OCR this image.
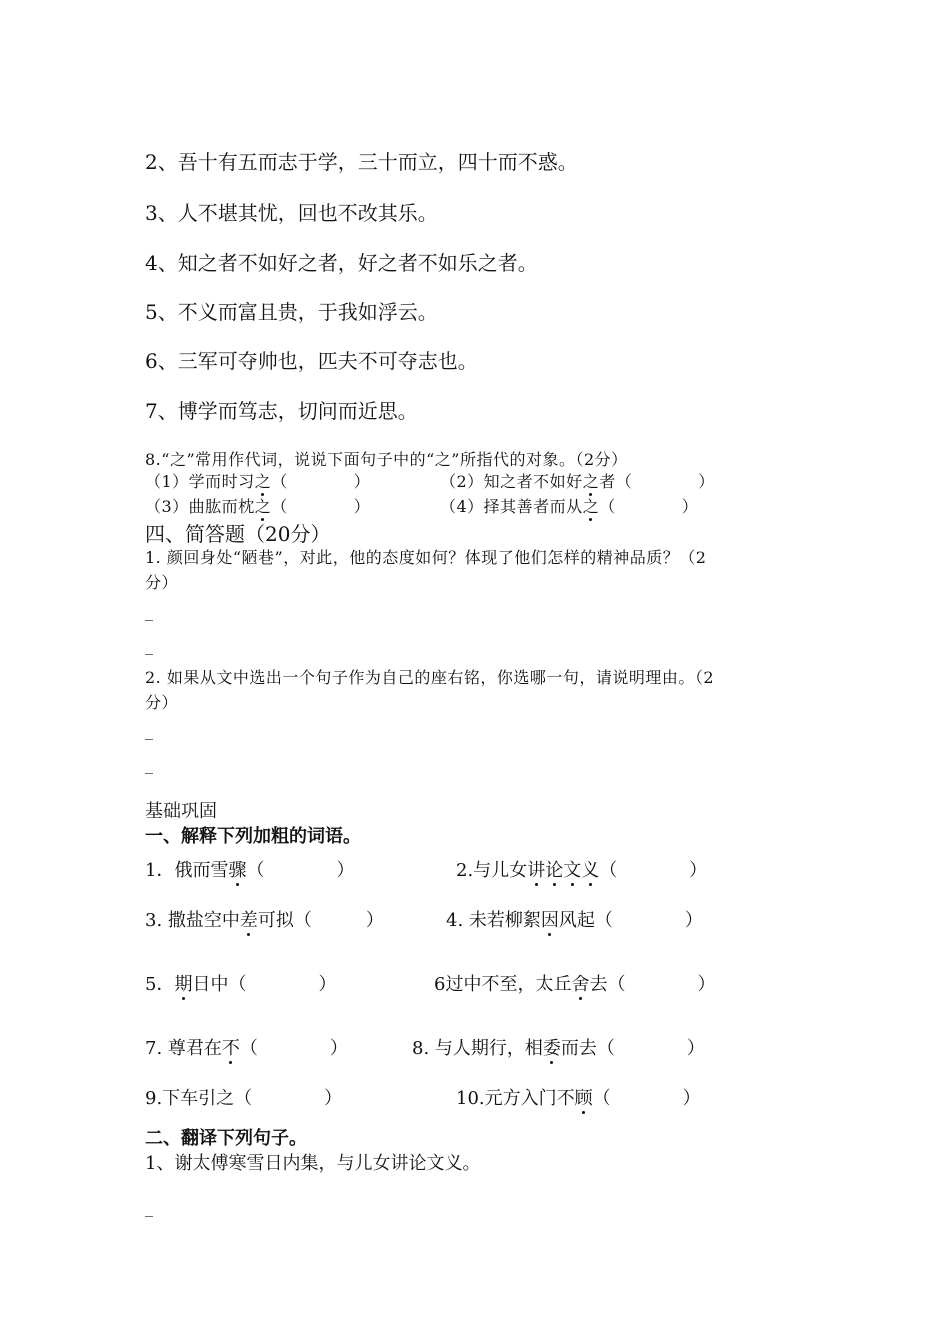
2、吾十有五而志于学，三十而立，四十而不惑。
3、人不堪其忧，回也不改其乐。
4、知之者不如好之者，好之者不如乐之者。
5、不义而富且贵，于我如浮云。
6、三军可夺帅也，匹夫不可夺志也。
7、博学而笃志，切问而近思。
8.“之”常用作代词，说说下面句子中的“之”所指代的对象。（2分）
（1）学而时习之（　　　　）	（2）知之者不如好之者（　　　　）
（3）曲肱而枕之（　　　　）	（4）择其善者而从之（　　　　）
四、简答题（20分）
1. 颜回身处“陋巷”，对此，他的态度如何？体现了他们怎样的精神品质？（2
分）
_
_
2. 如果从文中选出一个句子作为自己的座右铭，你选哪一句，请说明理由。（2
分）
_
_
基础巩固
一、解释下列加粗的词语。
1．俄而雪骤（　　　　）	2.与儿女讲论文义（　　　　）
3. 撒盐空中差可拟（　　　）	4. 未若柳絮因风起（　　　　）
5．期日中（　　　　）	6过中不至，太丘舍去（　　　　）
7. 尊君在不（　　　　）	8. 与人期行，相委而去（　　　　）
9.下车引之（　　　　）	10.元方入门不顾（　　　　）
二、翻译下列句子。
1、谢太傅寒雪日内集，与儿女讲论文义。
_
